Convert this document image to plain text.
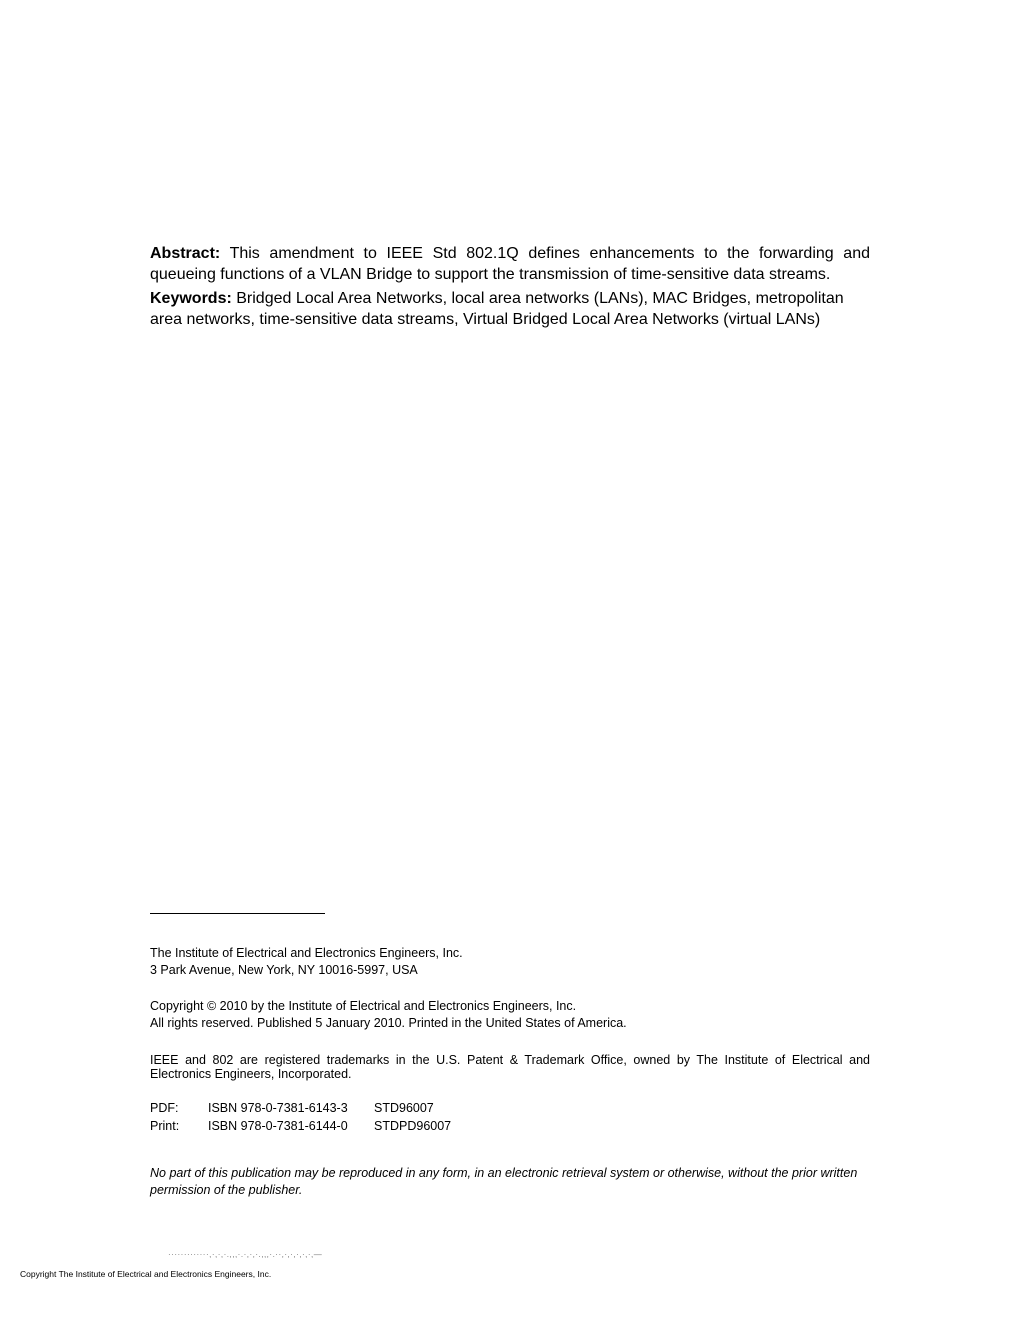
Abstract: This amendment to IEEE Std 802.1Q defines enhancements to the forwarding and queueing functions of a VLAN Bridge to support the transmission of time-sensitive data streams.

Keywords: Bridged Local Area Networks, local area networks (LANs), MAC Bridges, metropolitan area networks, time-sensitive data streams, Virtual Bridged Local Area Networks (virtual LANs)

The Institute of Electrical and Electronics Engineers, Inc.
3 Park Avenue, New York, NY 10016-5997, USA
Copyright © 2010 by the Institute of Electrical and Electronics Engineers, Inc.
All rights reserved. Published 5 January 2010. Printed in the United States of America.
IEEE and 802 are registered trademarks in the U.S. Patent & Trademark Office, owned by The Institute of Electrical and Electronics Engineers, Incorporated.
PDF: ISBN 978-0-7381-6143-3 STD96007
Print: ISBN 978-0-7381-6144-0 STDPD96007
No part of this publication may be reproduced in any form, in an electronic retrieval system or otherwise, without the prior written permission of the publisher.
·············,·,·,·.,,,·.·,·,·.,,,·.··,·,·,·,·,·,—
Copyright The Institute of Electrical and Electronics Engineers, Inc.
